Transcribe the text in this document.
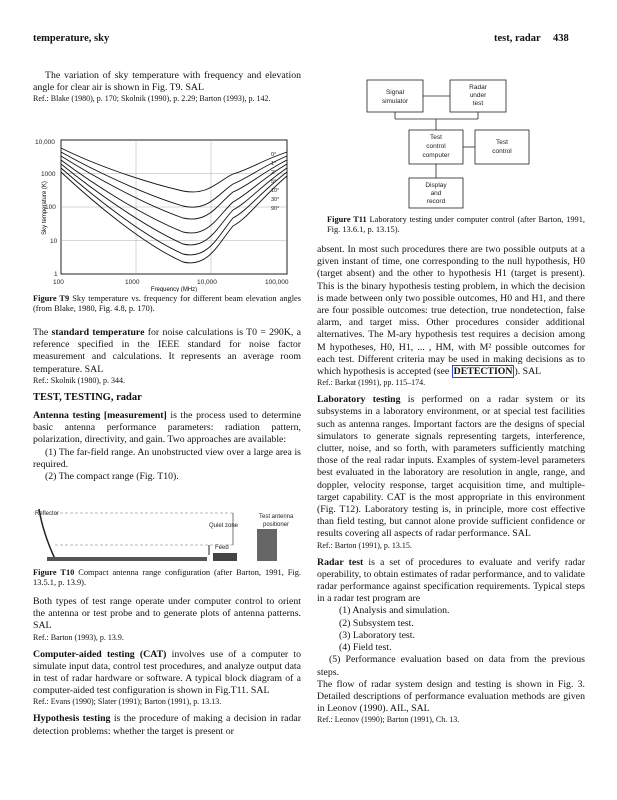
temperature, sky	test, radar 438

The variation of sky temperature with frequency and elevation angle for clear air is shown in Fig. T9. SAL

Ref.: Blake (1980), p. 170; Skolnik (1990), p. 2.29; Barton (1993), p. 142.

10,000
1000
100
10
1
100	1000	10,000	100,000
Frequency (MHz)
Sky temperature (K)
0°
1°
2°
5°
10°
30°
90°
Figure T9 Sky temperature vs. frequency for different beam elevation angles (from Blake, 1980, Fig. 4.8, p. 170).

The standard temperature for noise calculations is T0 = 290K, a reference specified in the IEEE standard for noise factor measurement and calculations. It represents an average room temperature. SAL

Ref.: Skolnik (1980), p. 344.

TEST, TESTING, radar

Antenna testing [measurement] is the process used to determine basic antenna performance parameters: radiation pattern, polarization, directivity, and gain. Two approaches are available:

(1) The far-field range. An unobstructed view over a large area is required.

(2) The compact range (Fig. T10).

Reflector
Quiet zone
Test antenna
positioner
Feed
Figure T10 Compact antenna range configuration (after Barton, 1991, Fig. 13.5.1, p. 13.9).

Both types of test range operate under computer control to orient the antenna or test probe and to generate plots of antenna patterns. SAL

Ref.: Barton (1993), p. 13.9.

Computer-aided testing (CAT) involves use of a computer to simulate input data, control test procedures, and analyze output data in test of radar hardware or software. A typical block diagram of a computer-aided test configuration is shown in Fig.T11. SAL

Ref.: Evans (1990); Slater (1991); Barton (1991), p. 13.13.

Hypothesis testing is the procedure of making a decision in radar detection problems: whether the target is present or

Signal
simulator
Radar
under
test
Test
control
computer
Test
control
Display
and
record
Figure T11 Laboratory testing under computer control (after Barton, 1991, Fig. 13.6.1, p. 13.15).

absent. In most such procedures there are two possible outputs at a given instant of time, one corresponding to the null hypothesis, H0 (target absent) and the other to hypothesis H1 (target is present). This is the binary hypothesis testing problem, in which the decision is made between only two possible outcomes, H0 and H1, and there are four possible outcomes: true detection, true nondetection, false alarm, and target miss. Other procedures consider additional alternatives. The M-ary hypothesis test requires a decision among M hypotheses, H0, H1, ... , HM, with M² possible outcomes for each test. Different criteria may be used in making decisions as to which hypothesis is accepted (see DETECTION ). SAL

Ref.: Barkat (1991), pp. 115–174.

Laboratory testing is performed on a radar system or its subsystems in a laboratory environment, or at special test facilities such as antenna ranges. Important factors are the designs of special simulators to generate signals representing targets, interference, clutter, noise, and so forth, with parameters sufficiently matching those of the real radar inputs. Examples of system-level parameters best evaluated in the laboratory are resolution in angle, range, and doppler, velocity response, target acquisition time, and multiple-target capability. CAT is the most appropriate in this environment (Fig. T12). Laboratory testing is, in principle, more cost effective than field testing, but cannot alone provide sufficient confidence or results covering all aspects of radar performance. SAL

Ref.: Barton (1991), p. 13.15.

Radar test is a set of procedures to evaluate and verify radar operability, to obtain estimates of radar performance, and to validate radar performance against specification requirements. Typical steps in a radar test program are

(1) Analysis and simulation.

(2) Subsystem test.

(3) Laboratory test.

(4) Field test.

(5) Performance evaluation based on data from the previous steps.

The flow of radar system design and testing is shown in Fig. 3. Detailed descriptions of performance evaluation methods are given in Leonov (1990). AIL, SAL

Ref.: Leonov (1990); Barton (1991), Ch. 13.
